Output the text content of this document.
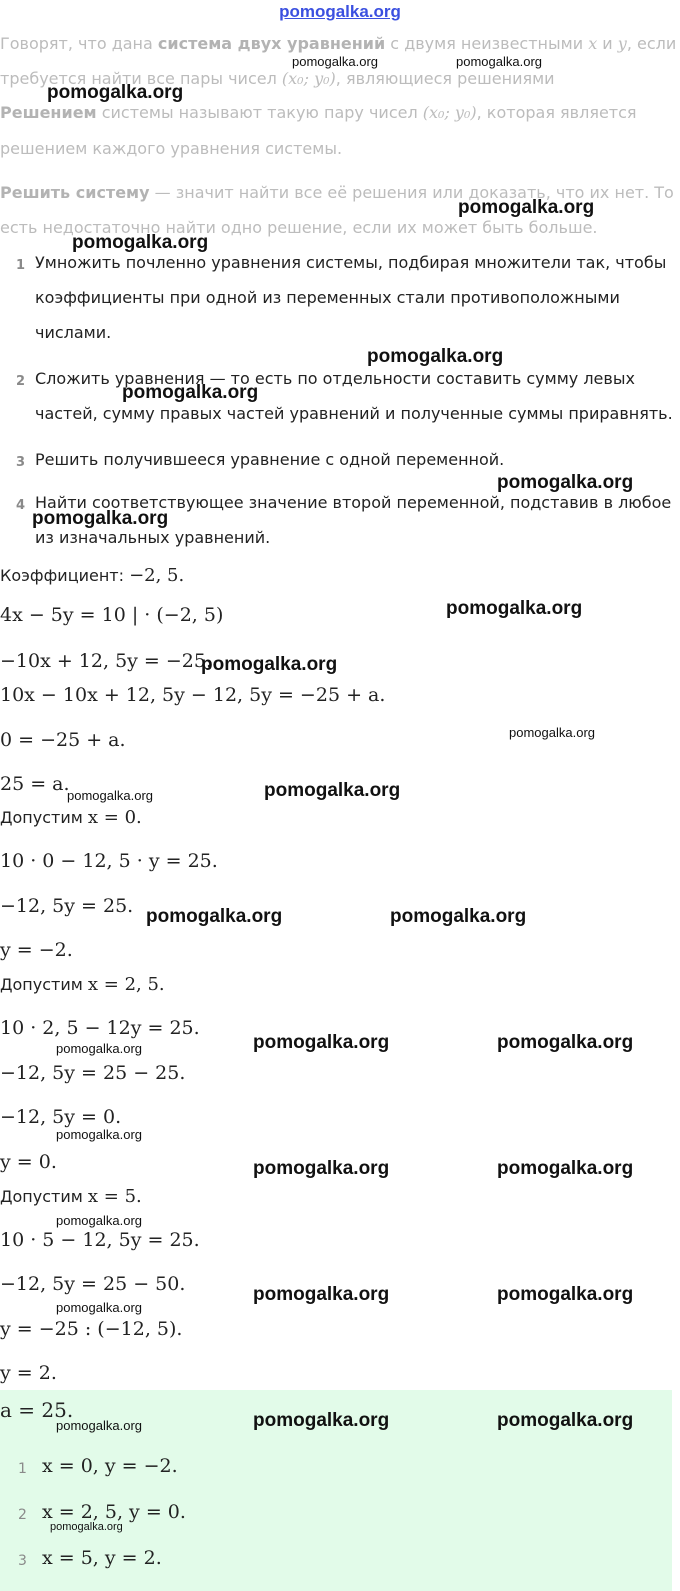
pomogalka.org
Говорят, что дана система двух уравнений с двумя неизвестными x и y, если
требуется найти все пары чисел (x₀; y₀), являющиеся решениями
Решением системы называют такую пару чисел (x₀; y₀), которая является
решением каждого уравнения системы.
Решить систему — значит найти все её решения или доказать, что их нет. То
есть недостаточно найти одно решение, если их может быть больше.
1 Умножить почленно уравнения системы, подбирая множители так, чтобы
коэффициенты при одной из переменных стали противоположными
числами.
2 Сложить уравнения — то есть по отдельности составить сумму левых
частей, сумму правых частей уравнений и полученные суммы приравнять.
3 Решить получившееся уравнение с одной переменной.
4 Найти соответствующее значение второй переменной, подставив в любое
из изначальных уравнений.
Коэффициент: −2, 5.
4x − 5y = 10 | · (−2, 5)
−10x + 12, 5y = −25.
10x − 10x + 12, 5y − 12, 5y = −25 + a.
0 = −25 + a.
25 = a.
Допустим x = 0.
10 · 0 − 12, 5 · y = 25.
−12, 5y = 25.
y = −2.
Допустим x = 2, 5.
10 · 2, 5 − 12y = 25.
−12, 5y = 25 − 25.
−12, 5y = 0.
y = 0.
Допустим x = 5.
10 · 5 − 12, 5y = 25.
−12, 5y = 25 − 50.
y = −25 : (−12, 5).
y = 2.
a = 25.
1 x = 0, y = −2.
2 x = 2, 5, y = 0.
3 x = 5, y = 2.
pomogalka.org	pomogalka.org
pomogalka.org
pomogalka.org
pomogalka.org
pomogalka.org
pomogalka.org
pomogalka.org
pomogalka.org
pomogalka.org
pomogalka.org
pomogalka.org
pomogalka.org	pomogalka.org
pomogalka.org	pomogalka.org
pomogalka.org	pomogalka.org	pomogalka.org
pomogalka.org
pomogalka.org	pomogalka.org
pomogalka.org
pomogalka.org	pomogalka.org
pomogalka.org
pomogalka.org	pomogalka.org	pomogalka.org
pomogalka.org
